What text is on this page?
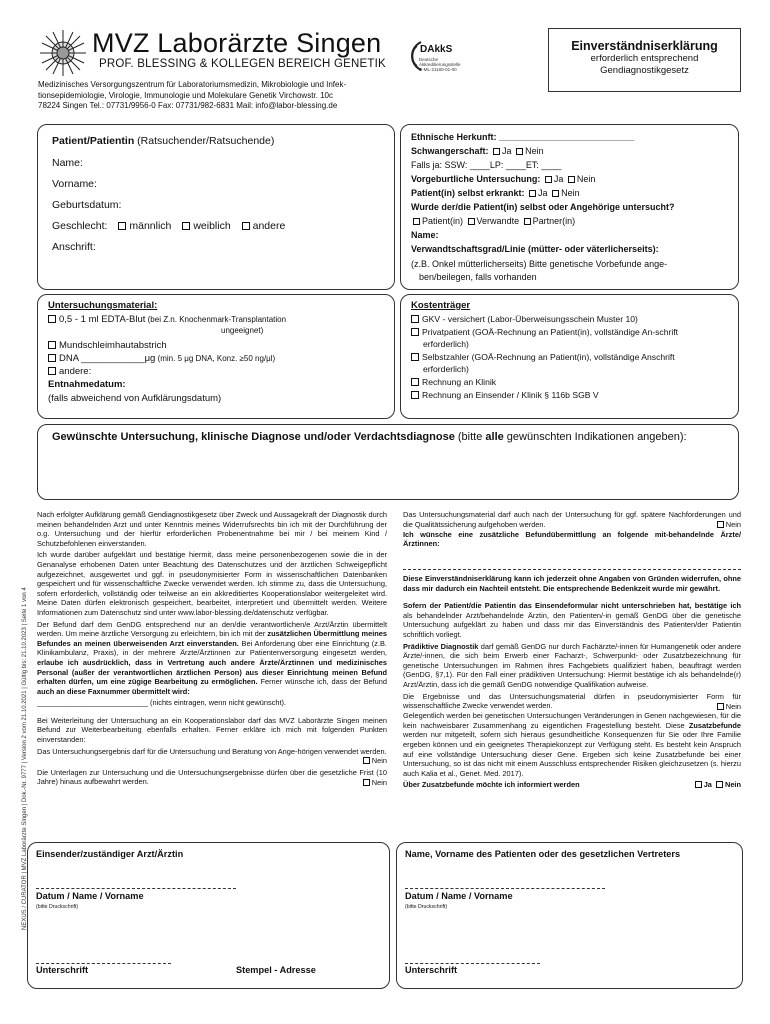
MVZ Laborärzte Singen
PROF. BLESSING & KOLLEGEN BEREICH GENETIK
Medizinisches Versorgungszentrum für Laboratoriumsmedizin, Mikrobiologie und Infek-
tionsepidemiologie, Virologie, Immunologie und Molekulare Genetik Virchowstr. 10c
78224 Singen Tel.: 07731/9956-0 Fax: 07731/982-6831 Mail: info@labor-blessing.de
DAkkS
Deutsche
Akkreditierungsstelle
D-ML-21160-01-00
Einverständniserklärung
erforderlich entsprechend
Gendiagnostikgesetz
Patient/Patientin (Ratsuchender/Ratsuchende)
Name:
Vorname:
Geburtsdatum:
Geschlecht: männlich weiblich andere
Anschrift:
Ethnische Herkunft: ___________________________
Schwangerschaft: Ja Nein
Falls ja: SSW: ____LP: ____ET: ____
Vorgeburtliche Untersuchung: Ja Nein
Patient(in) selbst erkrankt: Ja Nein
Wurde der/die Patient(in) selbst oder Angehörige untersucht?
Patient(in) Verwandte Partner(in)
Name:
Verwandtschaftsgrad/Linie (mütter- oder väterlicherseits):
(z.B. Onkel mütterlicherseits) Bitte genetische Vorbefunde ange-
ben/beilegen, falls vorhanden
Untersuchungsmaterial:
0,5 - 1 ml EDTA-Blut (bei Z.n. Knochenmark-Transplantation
ungeeignet)
Mundschleimhautabstrich
DNA ____________μg (min. 5 μg DNA, Konz. ≥50 ng/μl)
andere:
Entnahmedatum:
(falls abweichend von Aufklärungsdatum)
Kostenträger
GKV - versichert (Labor-Überweisungsschein Muster 10)
Privatpatient (GOÄ-Rechnung an Patient(in), vollständige An-schrift
erforderlich)
Selbstzahler (GOÄ-Rechnung an Patient(in), vollständige Anschrift
erforderlich)
Rechnung an Klinik
Rechnung an Einsender / Klinik § 116b SGB V
Gewünschte Untersuchung, klinische Diagnose und/oder Verdachtsdiagnose (bitte alle gewünschten Indikationen angeben):
NEXUS / CURATOR | MVZ Laborärzte Singen | Dok.-Nr. 9777 | Version 2 vom 21.10.2021 | Gültig bis: 21.10.2023 | Seite 1 von 4
Nach erfolgter Aufklärung gemäß Gendiagnostikgesetz über Zweck und Aussagekraft der Diagnostik durch meinen behandelnden Arzt und unter Kenntnis meines Widerrufsrechts bin ich mit der Durchführung der o.g. Untersuchung und der hierfür erforderlichen Probenentnahme bei mir / bei meinem Kind / Schutzbefohlenen einverstanden.
Ich wurde darüber aufgeklärt und bestätige hiermit, dass meine personenbezogenen sowie die in der Genanalyse erhobenen Daten unter Beachtung des Datenschutzes und der ärztlichen Schweigepflicht aufgezeichnet, ausgewertet und ggf. in pseudonymisierter Form in wissenschaftlichen Datenbanken gespeichert und für wissenschaftliche Zwecke verwendet werden. Ich stimme zu, dass die Untersuchung, sofern erforderlich, vollständig oder teilweise an ein akkreditiertes Kooperationslabor weitergeleitet wird. Meine Daten dürfen elektronisch gespeichert, bearbeitet, interpretiert und übermittelt werden. Weitere Informationen zum Datenschutz sind unter www.labor-blessing.de/datenschutz verfügbar.
Der Befund darf dem GenDG entsprechend nur an den/die verantwortlichen/e Arzt/Ärztin übermittelt werden. Um meine ärztliche Versorgung zu erleichtern, bin ich mit der zusätzlichen Übermittlung meines Befundes an meinen überweisenden Arzt einverstanden. Bei Anforderung über eine Einrichtung (z.B. Klinikambulanz, Praxis), in der mehrere Ärzte/Ärztinnen zur Patientenversorgung eingesetzt werden, erlaube ich ausdrücklich, dass in Vertretung auch andere Ärzte/Ärztinnen und medizinisches Personal (außer der verantwortlichen ärztlichen Person) aus dieser Einrichtung meinen Befund erhalten dürfen, um eine zügige Bearbeitung zu ermöglichen. Ferner wünsche ich, dass der Befund auch an diese Faxnummer übermittelt wird:
___________________________ (nichts eintragen, wenn nicht gewünscht).
Bei Weiterleitung der Untersuchung an ein Kooperationslabor darf das MVZ Laborärzte Singen meinen Befund zur Weiterbearbeitung ebenfalls erhalten. Ferner erkläre ich mich mit folgenden Punkten einverstanden:
Das Untersuchungsergebnis darf für die Untersuchung und Beratung von Ange-hörigen verwendet werden.
Nein
Die Unterlagen zur Untersuchung und die Untersuchungsergebnisse dürfen über die gesetzliche Frist (10 Jahre) hinaus aufbewahrt werden.	Nein
Das Untersuchungsmaterial darf auch nach der Untersuchung für ggf. spätere Nachforderungen und die Qualitätssicherung aufgehoben werden.	Nein
Ich wünsche eine zusätzliche Befundübermittlung an folgende mit-behandelnde Ärzte/Ärztinnen:
Diese Einverständniserklärung kann ich jederzeit ohne Angaben von Gründen widerrufen, ohne dass mir dadurch ein Nachteil entsteht. Die entsprechende Bedenkzeit wurde mir gewährt.
Sofern der Patient/die Patientin das Einsendeformular nicht unterschrieben hat, bestätige ich als behandelnder Arzt/behandelnde Ärztin, den Patienten/-in gemäß GenDG über die genetische Untersuchung aufgeklärt zu haben und dass mir das Einverständnis des Patienten/der Patientin schriftlich vorliegt.
Prädiktive Diagnostik darf gemäß GenDG nur durch Fachärzte/-innen für Humangenetik oder andere Ärzte/-innen, die sich beim Erwerb einer Facharzt-, Schwerpunkt- oder Zusatzbezeichnung für genetische Untersuchungen im Rahmen ihres Fachgebiets qualifiziert haben, beauftragt werden (GenDG, §7,1). Für den Fall einer prädiktiven Untersuchung: Hiermit bestätige ich als behandelnde(r) Arzt/Ärztin, dass ich die gemäß GenDG notwendige Qualifikation aufweise.
Die Ergebnisse und das Untersuchungsmaterial dürfen in pseudonymisierter Form für wissenschaftliche Zwecke verwendet werden.	Nein
Gelegentlich werden bei genetischen Untersuchungen Veränderungen in Genen nachgewiesen, für die kein nachweisbarer Zusammenhang zu eigentlichen Fragestellung besteht. Diese Zusatzbefunde werden nur mitgeteilt, sofern sich hieraus gesundheitliche Konsequenzen für Sie oder Ihre Familie ergeben können und ein geeignetes Therapiekonzept zur Verfügung steht. Es besteht kein Anspruch auf eine vollständige Untersuchung dieser Gene. Ergeben sich keine Zusatzbefunde bei einer Untersuchung, so ist das nicht mit einem Ausschluss entsprechender Risiken gleichzusetzen (s. hierzu auch Kalia et al., Genet. Med. 2017).
Über Zusatzbefunde möchte ich informiert werden	Ja Nein
Einsender/zuständiger Arzt/Ärztin
Datum / Name / Vorname
(bitte Druckschrift)
Unterschrift	Stempel - Adresse
Name, Vorname des Patienten oder des gesetzlichen Vertreters
Datum / Name / Vorname
(bitte Druckschrift)
Unterschrift
